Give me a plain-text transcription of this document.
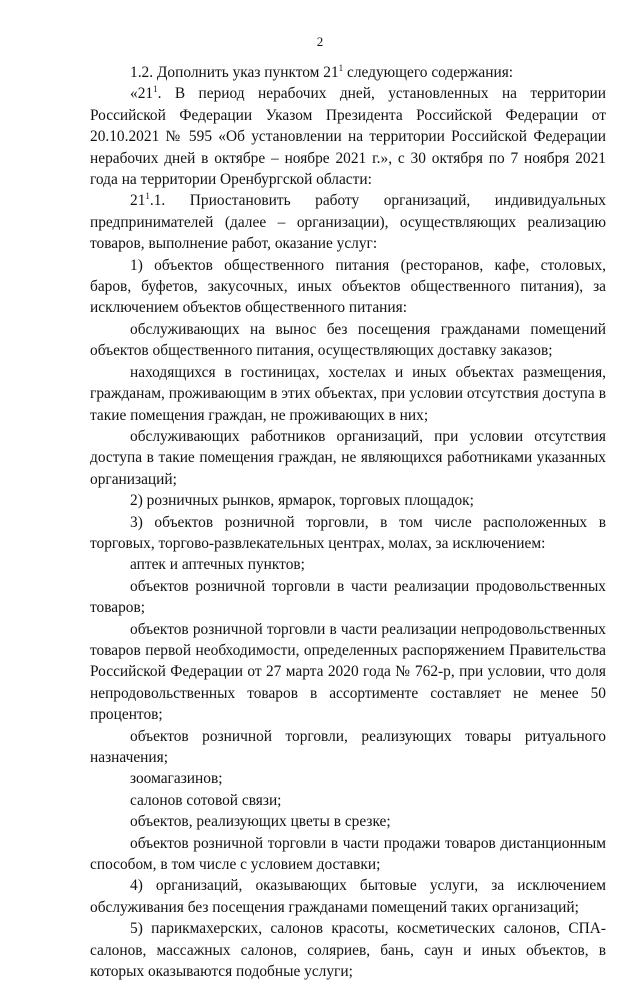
2

1.2. Дополнить указ пунктом $21^1$ следующего содержания:

«$21^1$. В период нерабочих дней, установленных на территории Российской Федерации Указом Президента Российской Федерации от 20.10.2021 № 595 «Об установлении на территории Российской Федерации нерабочих дней в октябре – ноябре 2021 г.», с 30 октября по 7 ноября 2021 года на территории Оренбургской области:

$21^1.1$. Приостановить работу организаций, индивидуальных предпринимателей (далее – организации), осуществляющих реализацию товаров, выполнение работ, оказание услуг:

1) объектов общественного питания (ресторанов, кафе, столовых, баров, буфетов, закусочных, иных объектов общественного питания), за исключением объектов общественного питания:

обслуживающих на вынос без посещения гражданами помещений объектов общественного питания, осуществляющих доставку заказов;

находящихся в гостиницах, хостелах и иных объектах размещения, гражданам, проживающим в этих объектах, при условии отсутствия доступа в такие помещения граждан, не проживающих в них;

обслуживающих работников организаций, при условии отсутствия доступа в такие помещения граждан, не являющихся работниками указанных организаций;

2) розничных рынков, ярмарок, торговых площадок;

3) объектов розничной торговли, в том числе расположенных в торговых, торгово-развлекательных центрах, молах, за исключением:

аптек и аптечных пунктов;

объектов розничной торговли в части реализации продовольственных товаров;

объектов розничной торговли в части реализации непродовольственных товаров первой необходимости, определенных распоряжением Правительства Российской Федерации от 27 марта 2020 года № 762-р, при условии, что доля непродовольственных товаров в ассортименте составляет не менее 50 процентов;

объектов розничной торговли, реализующих товары ритуального назначения;

зоомагазинов;

салонов сотовой связи;

объектов, реализующих цветы в срезке;

объектов розничной торговли в части продажи товаров дистанционным способом, в том числе с условием доставки;

4) организаций, оказывающих бытовые услуги, за исключением обслуживания без посещения гражданами помещений таких организаций;

5) парикмахерских, салонов красоты, косметических салонов, СПА-салонов, массажных салонов, соляриев, бань, саун и иных объектов, в которых оказываются подобные услуги;
